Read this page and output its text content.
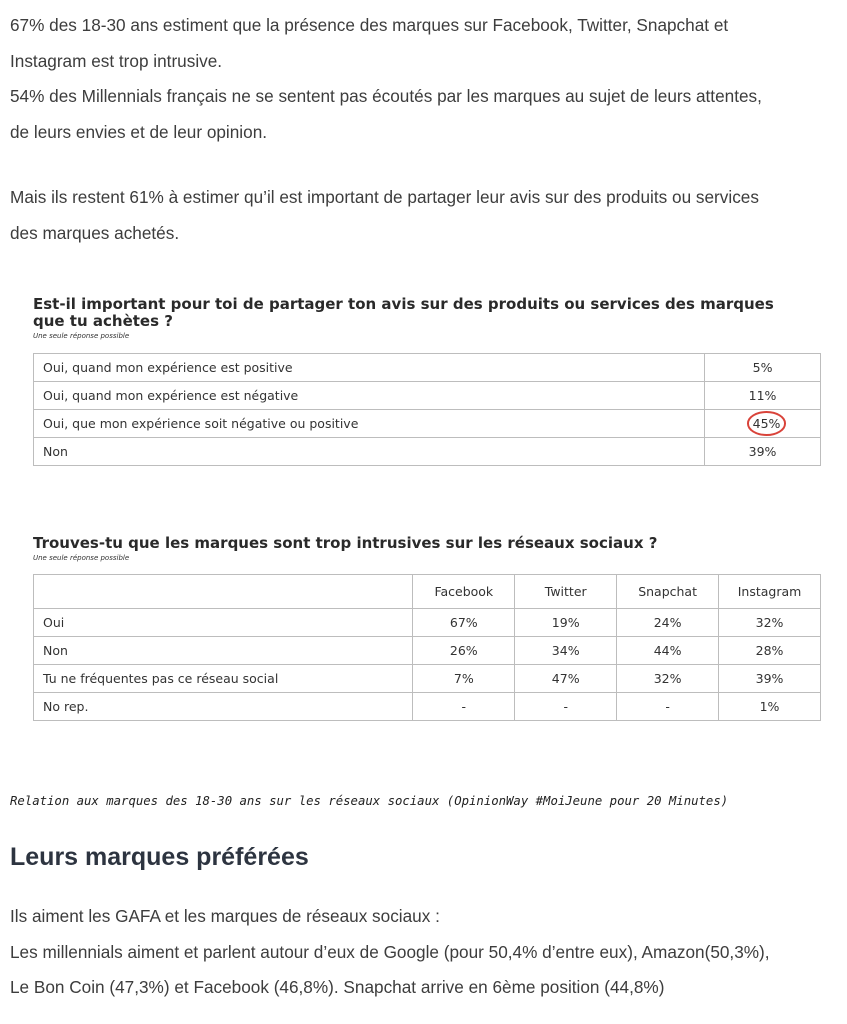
67% des 18-30 ans estiment que la présence des marques sur Facebook, Twitter, Snapchat et
Instagram est trop intrusive.
54% des Millennials français ne se sentent pas écoutés par les marques au sujet de leurs attentes,
de leurs envies et de leur opinion.

Mais ils restent 61% à estimer qu’il est important de partager leur avis sur des produits ou services
des marques achetés.

Est-il important pour toi de partager ton avis sur des produits ou services des marques
que tu achètes ?

Une seule réponse possible
Oui, quand mon expérience est positive	5%
Oui, quand mon expérience est négative	11%
Oui, que mon expérience soit négative ou positive	45%
Non	39%

Trouves-tu que les marques sont trop intrusives sur les réseaux sociaux ?

Une seule réponse possible
	Facebook	Twitter	Snapchat	Instagram
Oui	67%	19%	24%	32%
Non	26%	34%	44%	28%
Tu ne fréquentes pas ce réseau social	7%	47%	32%	39%
No rep.	-	-	-	1%
Relation aux marques des 18-30 ans sur les réseaux sociaux (OpinionWay #MoiJeune pour 20 Minutes)
Leurs marques préférées

Ils aiment les GAFA et les marques de réseaux sociaux :
Les millennials aiment et parlent autour d’eux de Google (pour 50,4% d’entre eux), Amazon(50,3%),
Le Bon Coin (47,3%) et Facebook (46,8%). Snapchat arrive en 6ème position (44,8%)
